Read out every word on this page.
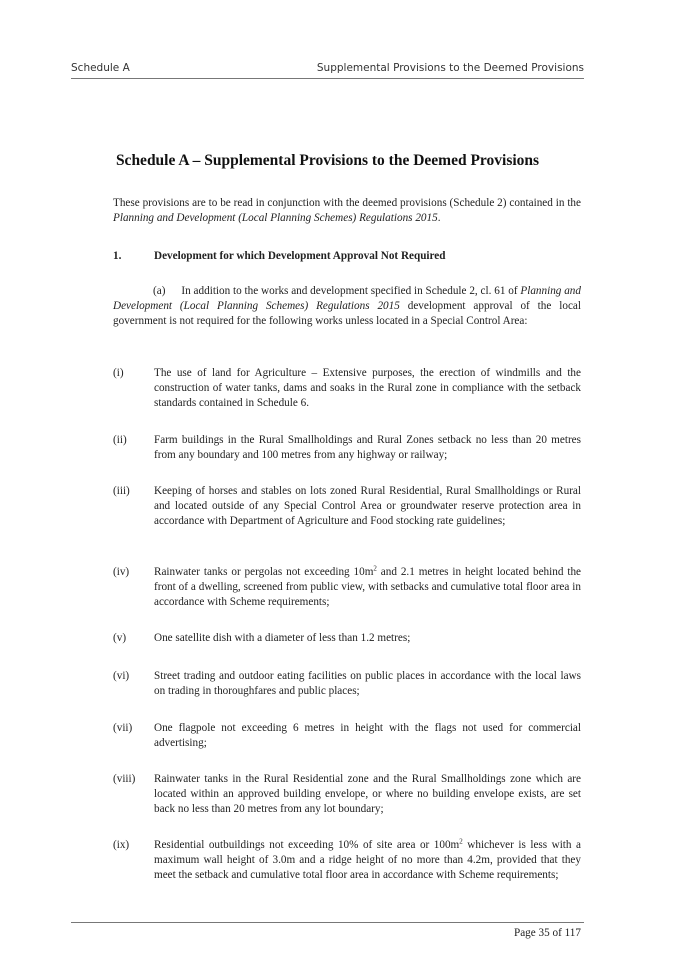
Schedule A	Supplemental Provisions to the Deemed Provisions
Schedule A – Supplemental Provisions to the Deemed Provisions
These provisions are to be read in conjunction with the deemed provisions (Schedule 2) contained in the Planning and Development (Local Planning Schemes) Regulations 2015.
1.	Development for which Development Approval Not Required
(a) In addition to the works and development specified in Schedule 2, cl. 61 of Planning and Development (Local Planning Schemes) Regulations 2015 development approval of the local government is not required for the following works unless located in a Special Control Area:
(i)	The use of land for Agriculture – Extensive purposes, the erection of windmills and the construction of water tanks, dams and soaks in the Rural zone in compliance with the setback standards contained in Schedule 6.
(ii) Farm buildings in the Rural Smallholdings and Rural Zones setback no less than 20 metres from any boundary and 100 metres from any highway or railway;
(iii) Keeping of horses and stables on lots zoned Rural Residential, Rural Smallholdings or Rural and located outside of any Special Control Area or groundwater reserve protection area in accordance with Department of Agriculture and Food stocking rate guidelines;
(iv) Rainwater tanks or pergolas not exceeding $10m^2$ and 2.1 metres in height located behind the front of a dwelling, screened from public view, with setbacks and cumulative total floor area in accordance with Scheme requirements;
(v) One satellite dish with a diameter of less than 1.2 metres;
(vi) Street trading and outdoor eating facilities on public places in accordance with the local laws on trading in thoroughfares and public places;
(vii) One flagpole not exceeding 6 metres in height with the flags not used for commercial advertising;
(viii) Rainwater tanks in the Rural Residential zone and the Rural Smallholdings zone which are located within an approved building envelope, or where no building envelope exists, are set back no less than 20 metres from any lot boundary;
(ix) Residential outbuildings not exceeding 10% of site area or $100m^2$ whichever is less with a maximum wall height of 3.0m and a ridge height of no more than 4.2m, provided that they meet the setback and cumulative total floor area in accordance with Scheme requirements;
Page 35 of 117
